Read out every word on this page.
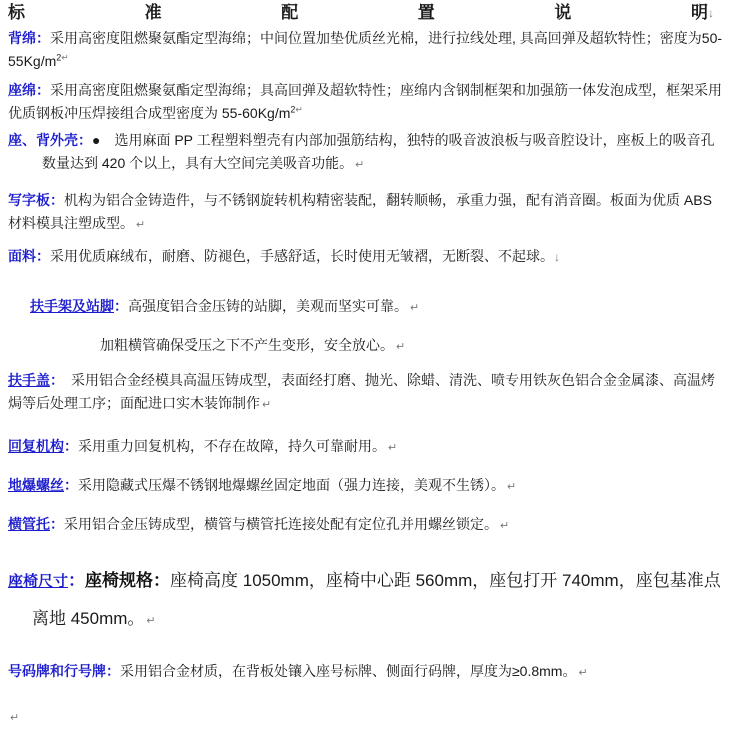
标	准	配	置	说	明 ↓

背绵：采用高密度阻燃聚氨酯定型海绵；中间位置加垫优质丝光棉，进行拉线处理, 具高回弹及超软特性；密度为$50-55Kg/m^{2↵}$

座绵：采用高密度阻燃聚氨酯定型海绵；具高回弹及超软特性；座绵内含钢制框架和加强筋一体发泡成型，框架采用优质钢板冲压焊接组合成型密度为 $55-60Kg/m^{2↵}$

座、背外壳：●　选用麻面 PP 工程塑料塑壳有内部加强筋结构，独特的吸音波浪板与吸音腔设计，座板上的吸音孔数量达到 420 个以上，具有大空间完美吸音功能。 ↵

写字板：机构为铝合金铸造件，与不锈钢旋转机构精密装配，翻转顺畅，承重力强，配有消音圈。板面为优质 ABS 材料模具注塑成型。 ↵

面料：采用优质麻绒布，耐磨、防褪色，手感舒适，长时使用无皱褶，无断裂、不起球。↓

扶手架及站脚：高强度铝合金压铸的站脚，美观而坚实可靠。 ↵

加粗横管确保受压之下不产生变形，安全放心。 ↵

扶手盖：　采用铝合金经模具高温压铸成型，表面经打磨、抛光、除蜡、清洗、喷专用铁灰色铝合金金属漆、高温烤焗等后处理工序；面配进口实木装饰制作 ↵

回复机构：采用重力回复机构，不存在故障，持久可靠耐用。 ↵

地爆螺丝：采用隐藏式压爆不锈钢地爆螺丝固定地面（强力连接，美观不生锈）。 ↵

横管托：采用铝合金压铸成型，横管与横管托连接处配有定位孔并用螺丝锁定。 ↵

座椅尺寸：座椅规格：座椅高度 1050mm，座椅中心距 560mm，座包打开 740mm，座包基准点离地 450mm。 ↵

号码牌和行号牌：采用铝合金材质，在背板处镶入座号标牌、侧面行码牌，厚度为≥0.8mm。 ↵

↵
